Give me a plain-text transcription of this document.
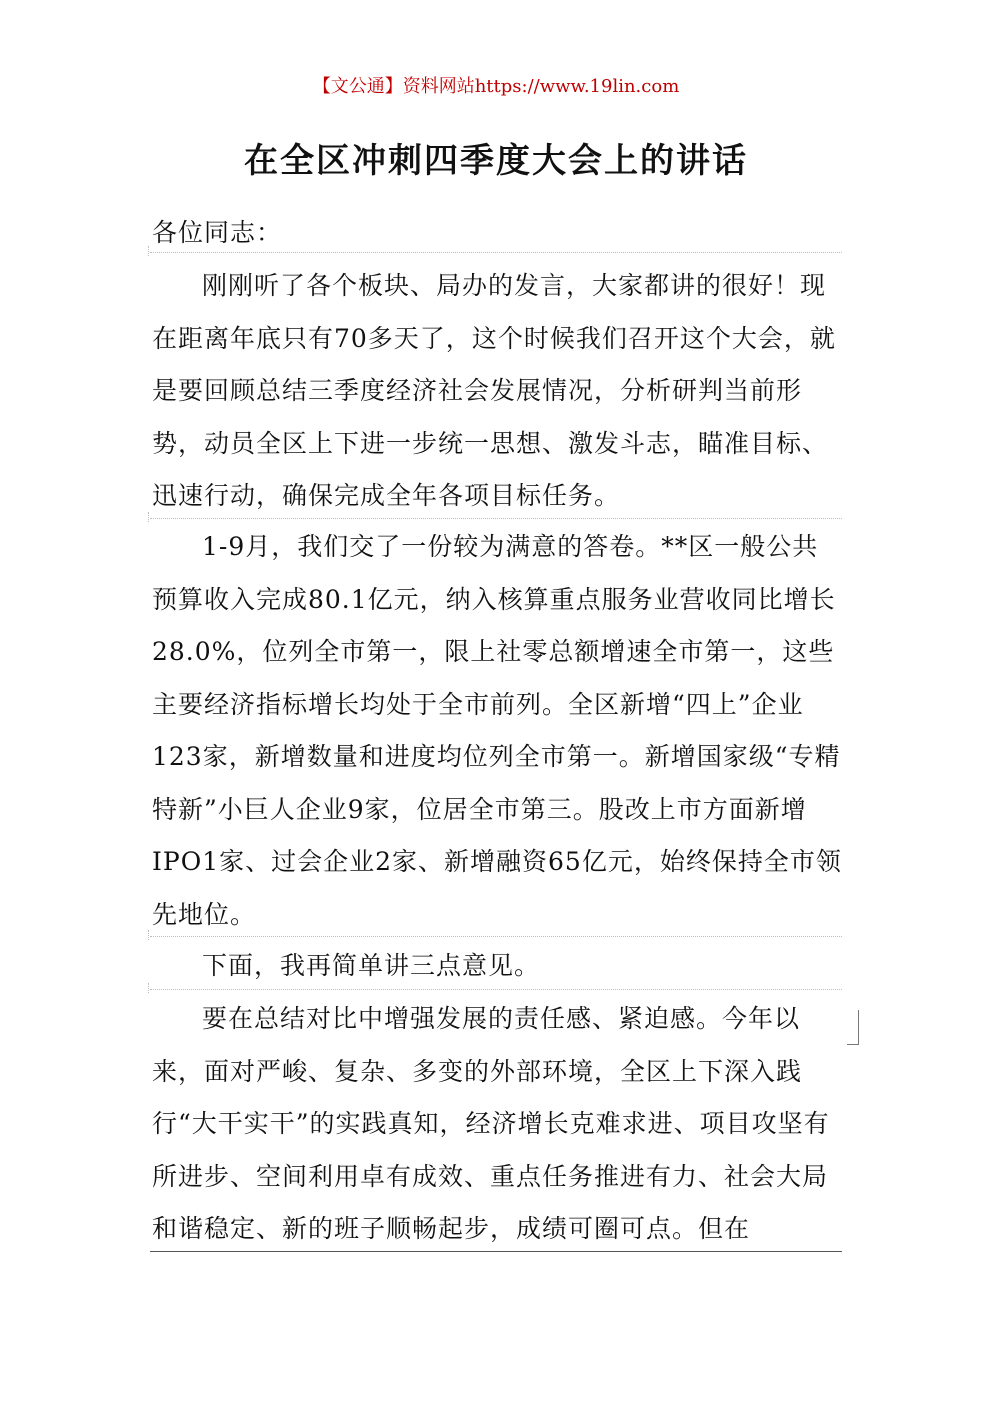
【文公通】资料网站https://www.19lin.com
在全区冲刺四季度大会上的讲话
各位同志：

刚刚听了各个板块、局办的发言，大家都讲的很好！现在距离年底只有70多天了，这个时候我们召开这个大会，就是要回顾总结三季度经济社会发展情况，分析研判当前形势，动员全区上下进一步统一思想、激发斗志，瞄准目标、迅速行动，确保完成全年各项目标任务。

1-9月，我们交了一份较为满意的答卷。**区一般公共预算收入完成80.1亿元，纳入核算重点服务业营收同比增长28.0%，位列全市第一，限上社零总额增速全市第一，这些主要经济指标增长均处于全市前列。全区新增“四上”企业123家，新增数量和进度均位列全市第一。新增国家级“专精特新”小巨人企业9家，位居全市第三。股改上市方面新增IPO1家、过会企业2家、新增融资65亿元，始终保持全市领先地位。

下面，我再简单讲三点意见。

要在总结对比中增强发展的责任感、紧迫感。今年以来，面对严峻、复杂、多变的外部环境，全区上下深入践行“大干实干”的实践真知，经济增长克难求进、项目攻坚有所进步、空间利用卓有成效、重点任务推进有力、社会大局和谐稳定、新的班子顺畅起步，成绩可圈可点。但在
